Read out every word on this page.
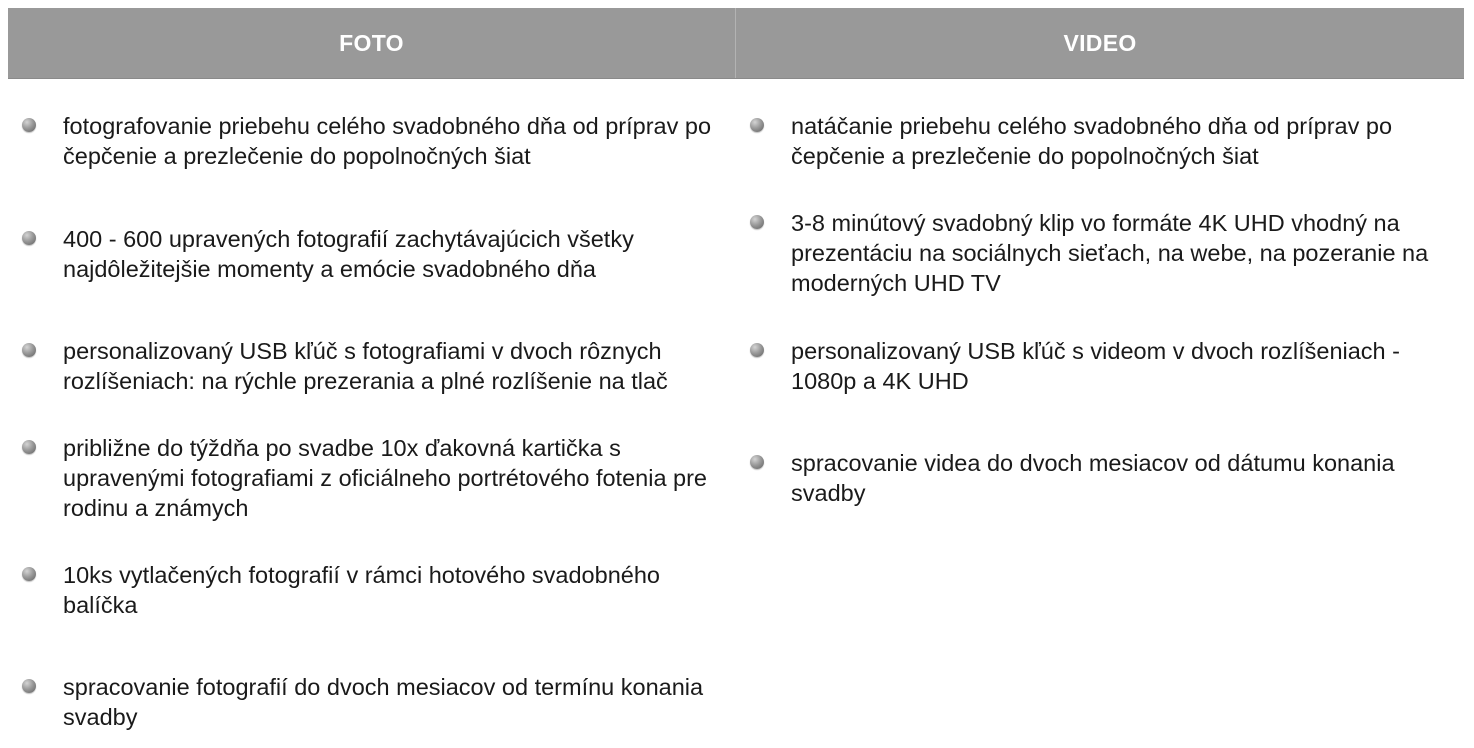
FOTO	VIDEO
fotografovanie priebehu celého svadobného dňa od príprav po čepčenie a prezlečenie do popolnočných šiat
400 - 600 upravených fotografií zachytávajúcich všetky najdôležitejšie momenty a emócie svadobného dňa
personalizovaný USB kľúč s fotografiami v dvoch rôznych rozlíšeniach: na rýchle prezerania a plné rozlíšenie na tlač
približne do týždňa po svadbe 10x ďakovná kartička s upravenými fotografiami z oficiálneho portrétového fotenia pre rodinu a známych
10ks vytlačených fotografií v rámci hotového svadobného balíčka
spracovanie fotografií do dvoch mesiacov od termínu konania svadby
natáčanie priebehu celého svadobného dňa od príprav po čepčenie a prezlečenie do popolnočných šiat
3-8 minútový svadobný klip vo formáte 4K UHD vhodný na prezentáciu na sociálnych sieťach, na webe, na pozeranie na moderných UHD TV
personalizovaný USB kľúč s videom v dvoch rozlíšeniach - 1080p a 4K UHD
spracovanie videa do dvoch mesiacov od dátumu konania svadby
